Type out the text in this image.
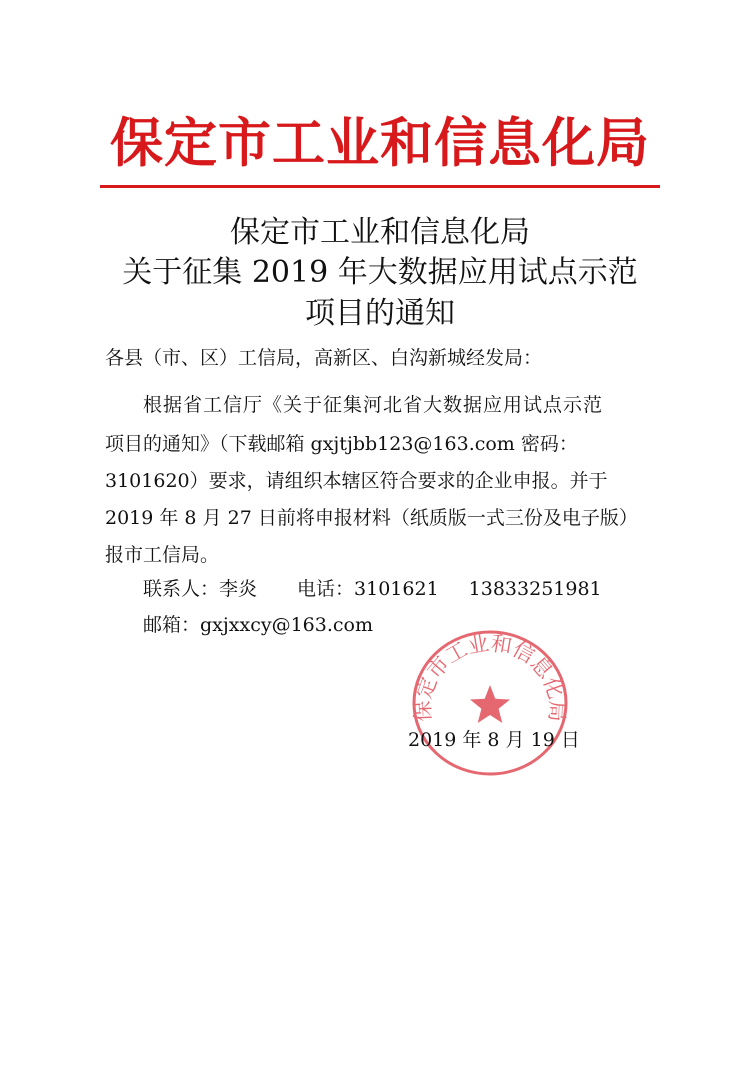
保定市工业和信息化局
保定市工业和信息化局
关于征集 2019 年大数据应用试点示范
项目的通知
各县（市、区）工信局，高新区、白沟新城经发局：
根据省工信厅《关于征集河北省大数据应用试点示范
项目的通知》（下载邮箱 gxjtjbb123@163.com 密码：
3101620）要求，请组织本辖区符合要求的企业申报。并于
2019 年 8 月 27 日前将申报材料（纸质版一式三份及电子版）
报市工信局。
联系人：李炎 电话：3101621 13833251981
邮箱：gxjxxcy@163.com
保定市工业和信息化局
2019 年 8 月 19 日
